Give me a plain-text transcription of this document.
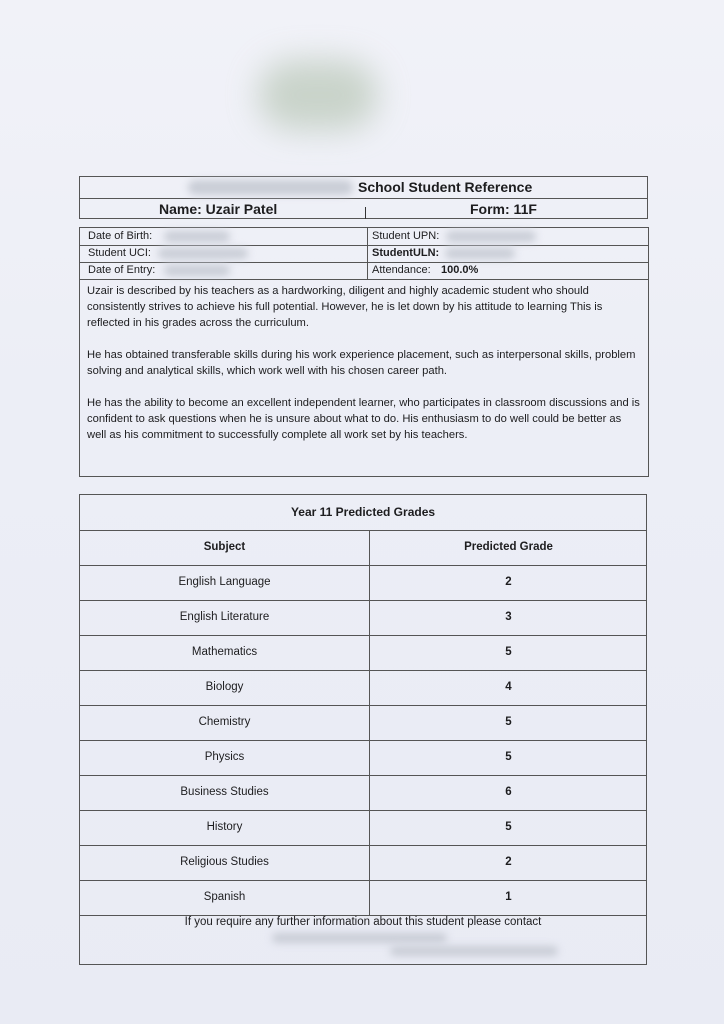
School Student Reference
Name: Uzair Patel	Form: 11F
Date of Birth:	Student UPN:
Student UCI:	StudentULN:
Date of Entry:	Attendance: 100.0%
Uzair is described by his teachers as a hardworking, diligent and highly academic student who should consistently strives to achieve his full potential. However, he is let down by his attitude to learning This is reflected in his grades across the curriculum.
He has obtained transferable skills during his work experience placement, such as interpersonal skills, problem solving and analytical skills, which work well with his chosen career path.
He has the ability to become an excellent independent learner, who participates in classroom discussions and is confident to ask questions when he is unsure about what to do. His enthusiasm to do well could be better as well as his commitment to successfully complete all work set by his teachers.
Year 11 Predicted Grades
Subject	Predicted Grade
English Language	2
English Literature	3
Mathematics	5
Biology	4
Chemistry	5
Physics	5
Business Studies	6
History	5
Religious Studies	2
Spanish	1
If you require any further information about this student please contact
